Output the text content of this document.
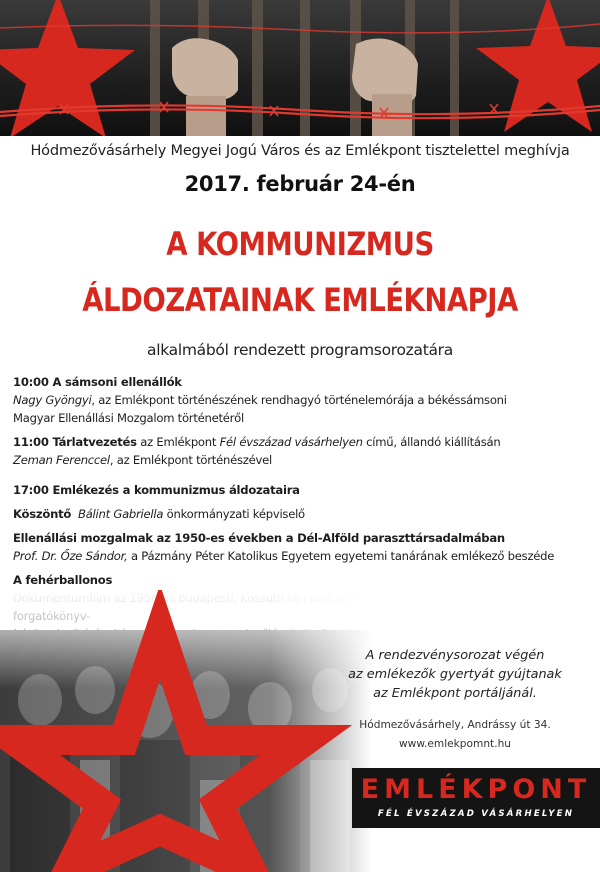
Hódmezővásárhely Megyei Jogú Város és az Emlékpont tisztelettel meghívja
2017. február 24-én
A KOMMUNIZMUS
ÁLDOZATAINAK EMLÉKNAPJA
alkalmából rendezett programsorozatára
10:00 A sámsoni ellenállók
Nagy Gyöngyi, az Emlékpont történészének rendhagyó történelemórája a békéssámsoni
Magyar Ellenállási Mozgalom történetéről
11:00 Tárlatvezetés az Emlékpont Fél évszázad vásárhelyen című, állandó kiállításán
Zeman Ferenccel, az Emlékpont történészével
17:00 Emlékezés a kommunizmus áldozataira
Köszöntő Bálint Gabriella önkormányzati képviselő
Ellenállási mozgalmak az 1950-es években a Dél-Alföld paraszttársadalmában
Prof. Dr. Őze Sándor, a Pázmány Péter Katolikus Egyetem egyetemi tanárának emlékező beszéde
A fehérballonos
A rendezvénysorozat végén
az emlékezők gyertyát gyújtanak
az Emlékpont portáljánál.
Hódmezővásárhely, Andrássy út 34.
www.emlekpomnt.hu
EMLÉKPONT
FÉL ÉVSZÁZAD VÁSÁRHELYEN
